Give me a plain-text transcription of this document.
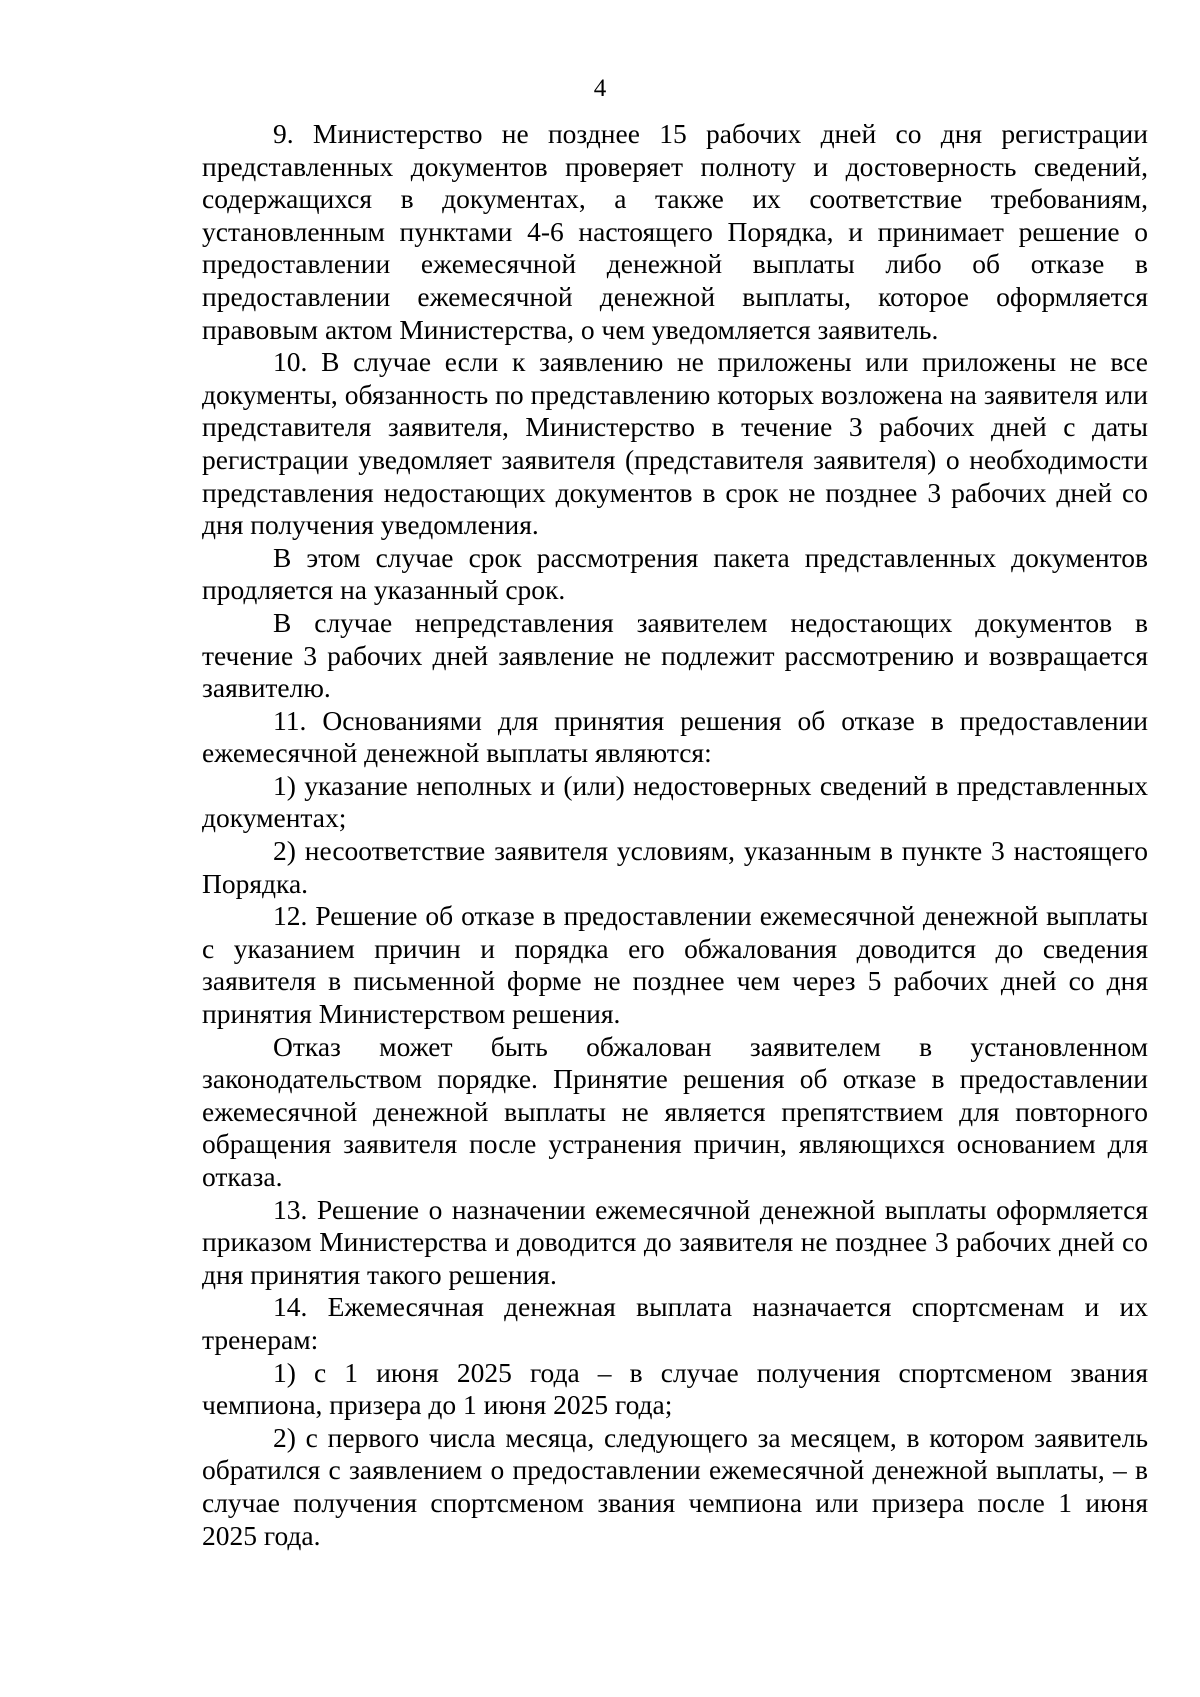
4

9. Министерство не позднее 15 рабочих дней со дня регистрации представленных документов проверяет полноту и достоверность сведений, содержащихся в документах, а также их соответствие требованиям, установленным пунктами 4-6 настоящего Порядка, и принимает решение о предоставлении ежемесячной денежной выплаты либо об отказе в предоставлении ежемесячной денежной выплаты, которое оформляется правовым актом Министерства, о чем уведомляется заявитель.

10. В случае если к заявлению не приложены или приложены не все документы, обязанность по представлению которых возложена на заявителя или представителя заявителя, Министерство в течение 3 рабочих дней с даты регистрации уведомляет заявителя (представителя заявителя) о необходимости представления недостающих документов в срок не позднее 3 рабочих дней со дня получения уведомления.

В этом случае срок рассмотрения пакета представленных документов продляется на указанный срок.

В случае непредставления заявителем недостающих документов в течение 3 рабочих дней заявление не подлежит рассмотрению и возвращается заявителю.

11. Основаниями для принятия решения об отказе в предоставлении ежемесячной денежной выплаты являются:

1) указание неполных и (или) недостоверных сведений в представленных документах;

2) несоответствие заявителя условиям, указанным в пункте 3 настоящего Порядка.

12. Решение об отказе в предоставлении ежемесячной денежной выплаты с указанием причин и порядка его обжалования доводится до сведения заявителя в письменной форме не позднее чем через 5 рабочих дней со дня принятия Министерством решения.

Отказ может быть обжалован заявителем в установленном законодательством порядке. Принятие решения об отказе в предоставлении ежемесячной денежной выплаты не является препятствием для повторного обращения заявителя после устранения причин, являющихся основанием для отказа.

13. Решение о назначении ежемесячной денежной выплаты оформляется приказом Министерства и доводится до заявителя не позднее 3 рабочих дней со дня принятия такого решения.

14. Ежемесячная денежная выплата назначается спортсменам и их тренерам:

1) с 1 июня 2025 года – в случае получения спортсменом звания чемпиона, призера до 1 июня 2025 года;

2) с первого числа месяца, следующего за месяцем, в котором заявитель обратился с заявлением о предоставлении ежемесячной денежной выплаты, – в случае получения спортсменом звания чемпиона или призера после 1 июня 2025 года.
